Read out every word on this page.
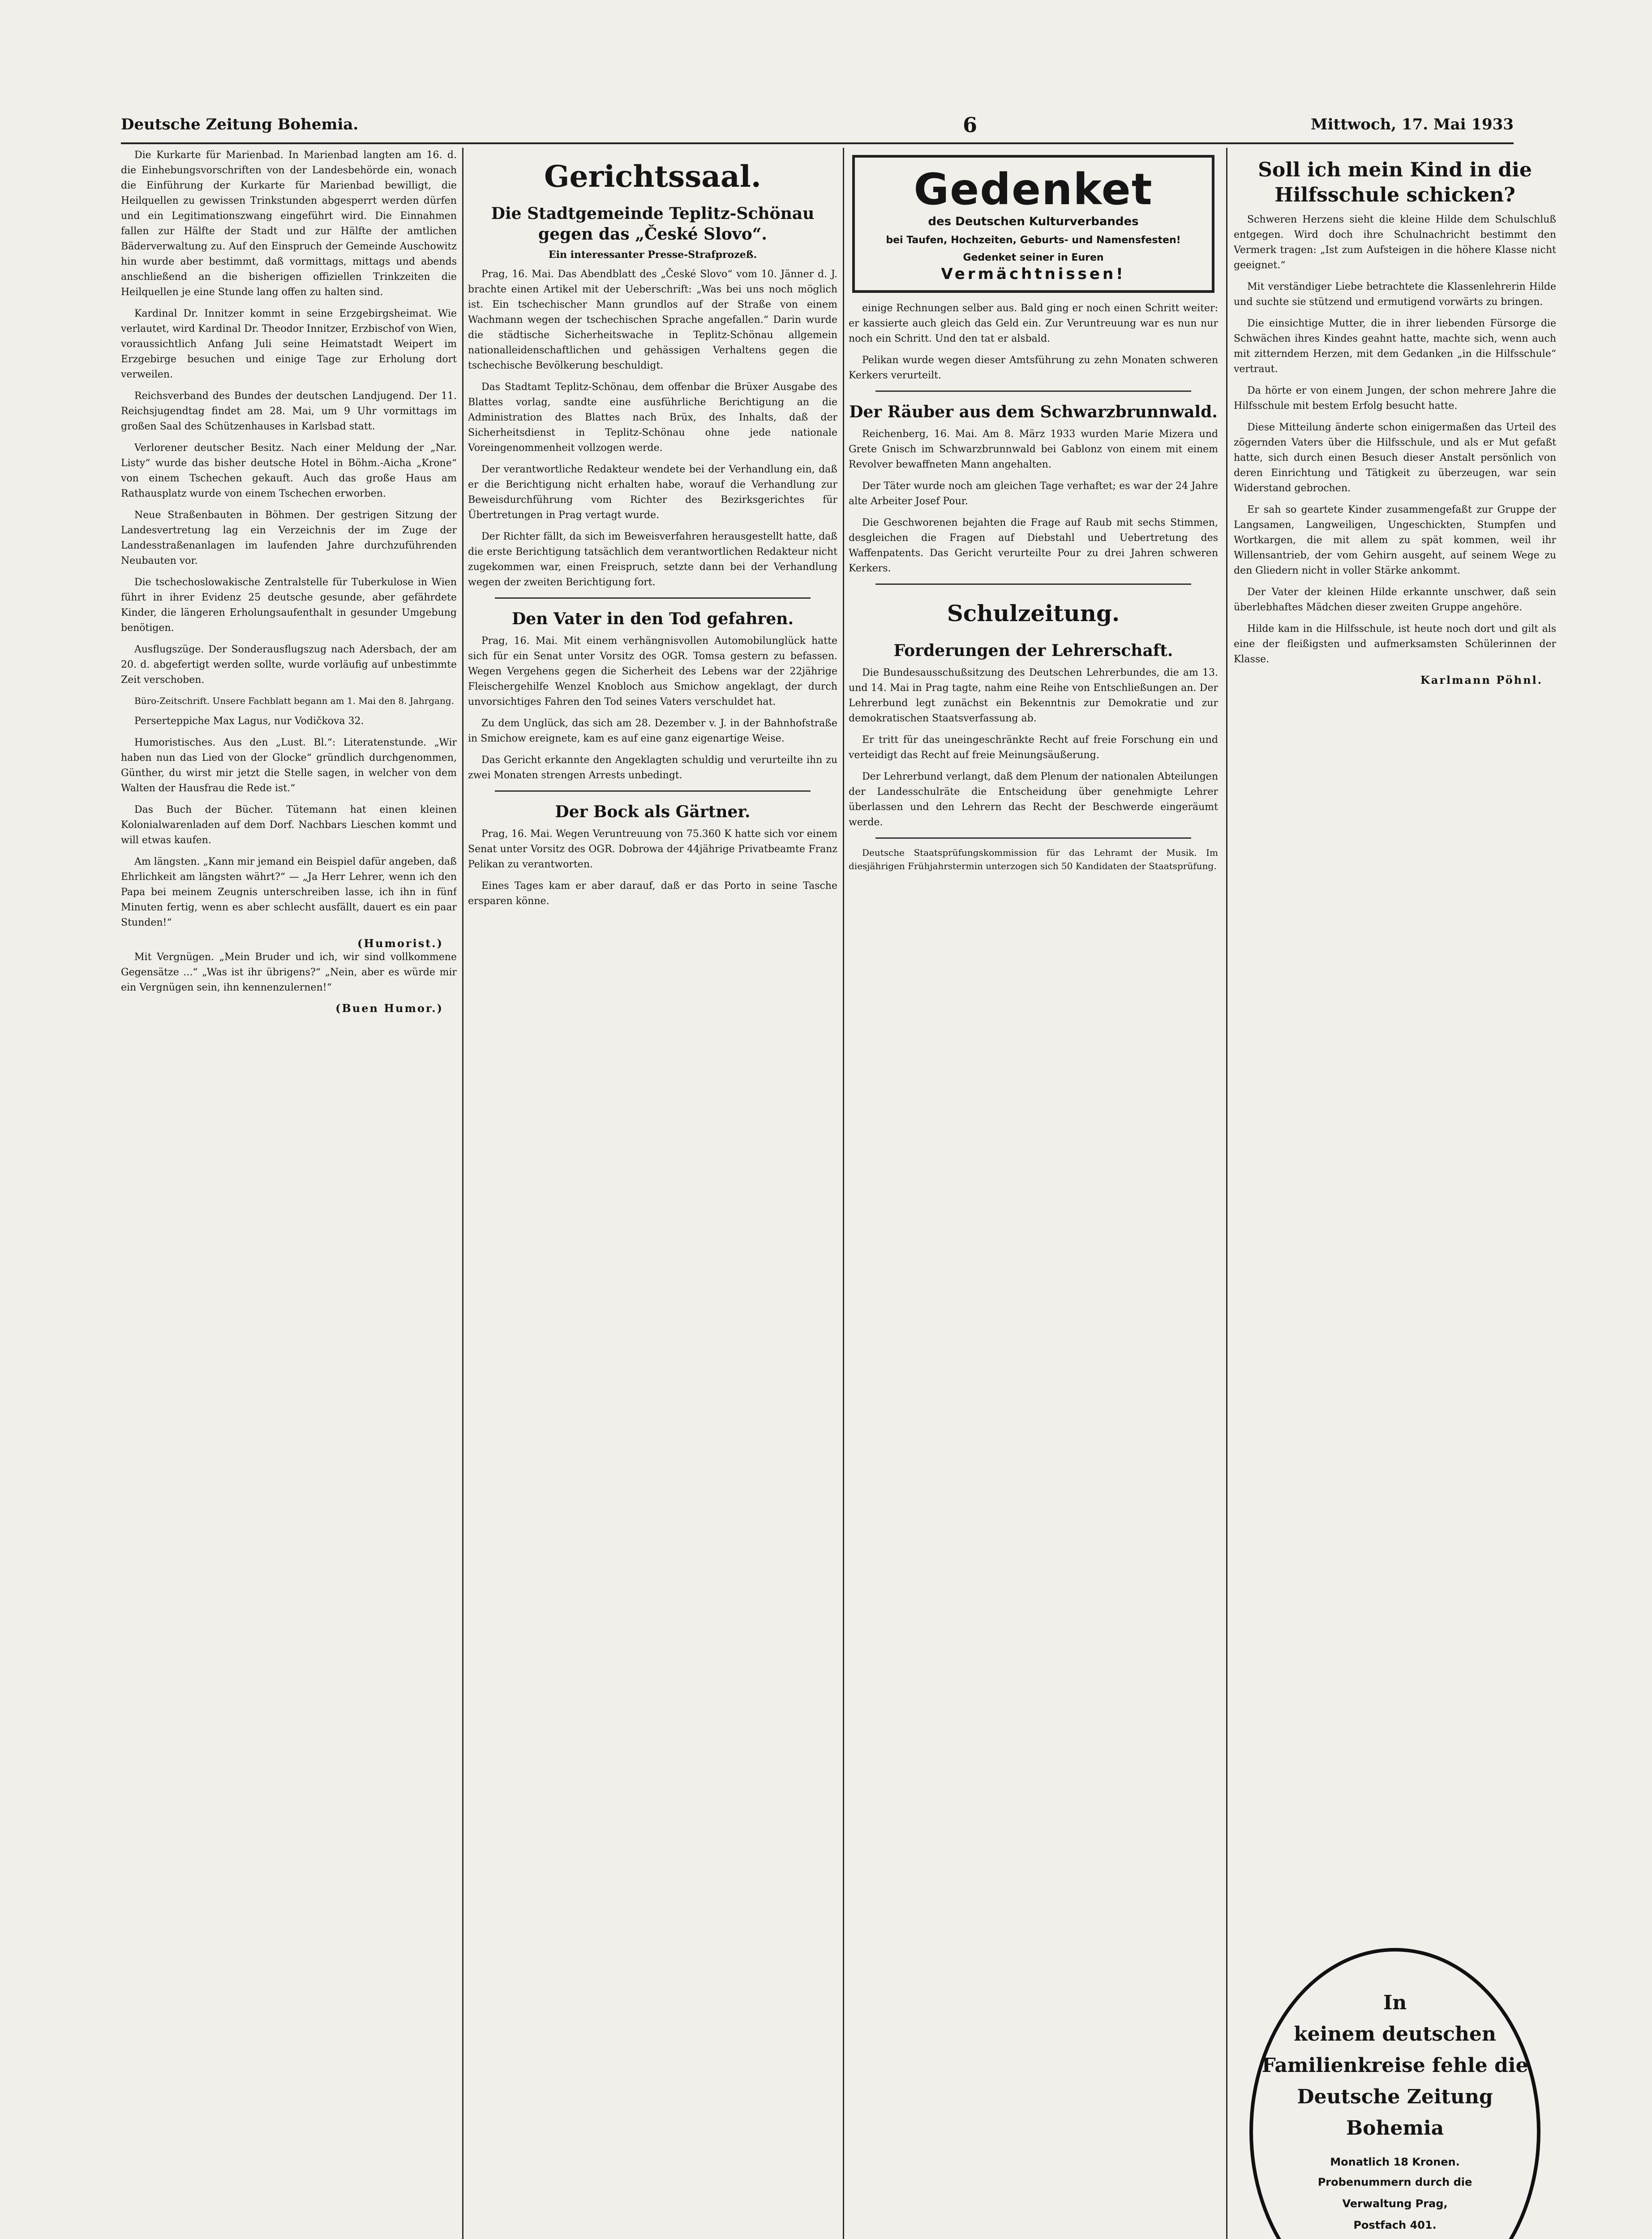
Deutsche Zeitung Bohemia.	6	Mittwoch, 17. Mai 1933

Die Kurkarte für Marienbad. In Marienbad langten am 16. d. die Einhebungsvorschriften von der Landesbehörde ein, wonach die Einführung der Kurkarte für Marienbad bewilligt, die Heilquellen zu gewissen Trinkstunden abgesperrt werden dürfen und ein Legitimationszwang eingeführt wird. Die Einnahmen fallen zur Hälfte der Stadt und zur Hälfte der amtlichen Bäderverwaltung zu. Auf den Einspruch der Gemeinde Auschowitz hin wurde aber bestimmt, daß vormittags, mittags und abends anschließend an die bisherigen offiziellen Trinkzeiten die Heilquellen je eine Stunde lang offen zu halten sind.

Kardinal Dr. Innitzer kommt in seine Erzgebirgsheimat. Wie verlautet, wird Kardinal Dr. Theodor Innitzer, Erzbischof von Wien, voraussichtlich Anfang Juli seine Heimatstadt Weipert im Erzgebirge besuchen und einige Tage zur Erholung dort verweilen.

Reichsverband des Bundes der deutschen Landjugend. Der 11. Reichsjugendtag findet am 28. Mai, um 9 Uhr vormittags im großen Saal des Schützenhauses in Karlsbad statt.

Verlorener deutscher Besitz. Nach einer Meldung der „Nar. Listy“ wurde das bisher deutsche Hotel in Böhm.-Aicha „Krone“ von einem Tschechen gekauft. Auch das große Haus am Rathausplatz wurde von einem Tschechen erworben.

Neue Straßenbauten in Böhmen. Der gestrigen Sitzung der Landesvertretung lag ein Verzeichnis der im Zuge der Landesstraßenanlagen im laufenden Jahre durchzuführenden Neubauten vor.

Die tschechoslowakische Zentralstelle für Tuberkulose in Wien führt in ihrer Evidenz 25 deutsche gesunde, aber gefährdete Kinder, die längeren Erholungsaufenthalt in gesunder Umgebung benötigen.

Ausflugszüge. Der Sonderausflugszug nach Adersbach, der am 20. d. abgefertigt werden sollte, wurde vorläufig auf unbestimmte Zeit verschoben.

Büro-Zeitschrift. Unsere Fachblatt begann am 1. Mai den 8. Jahrgang.

Perserteppiche Max Lagus, nur Vodičkova 32.

Humoristisches. Aus den „Lust. Bl.“: Literatenstunde. „Wir haben nun das Lied von der Glocke“ gründlich durchgenommen, Günther, du wirst mir jetzt die Stelle sagen, in welcher von dem Walten der Hausfrau die Rede ist.“

Das Buch der Bücher. Tütemann hat einen kleinen Kolonialwarenladen auf dem Dorf. Nachbars Lieschen kommt und will etwas kaufen.

Am längsten. „Kann mir jemand ein Beispiel dafür angeben, daß Ehrlichkeit am längsten währt?“ — „Ja Herr Lehrer, wenn ich den Papa bei meinem Zeugnis unterschreiben lasse, ich ihn in fünf Minuten fertig, wenn es aber schlecht ausfällt, dauert es ein paar Stunden!“

(Humorist.)

Mit Vergnügen. „Mein Bruder und ich, wir sind vollkommene Gegensätze ...“ „Was ist ihr übrigens?“ „Nein, aber es würde mir ein Vergnügen sein, ihn kennenzulernen!“

(Buen Humor.)

Gerichtssaal.
Die Stadtgemeinde Teplitz-Schönau gegen das „České Slovo“.
Ein interessanter Presse-Strafprozeß.

Prag, 16. Mai. Das Abendblatt des „České Slovo“ vom 10. Jänner d. J. brachte einen Artikel mit der Ueberschrift: „Was bei uns noch möglich ist. Ein tschechischer Mann grundlos auf der Straße von einem Wachmann wegen der tschechischen Sprache angefallen.“ Darin wurde die städtische Sicherheitswache in Teplitz-Schönau allgemein nationalleidenschaftlichen und gehässigen Verhaltens gegen die tschechische Bevölkerung beschuldigt.

Das Stadtamt Teplitz-Schönau, dem offenbar die Brüxer Ausgabe des Blattes vorlag, sandte eine ausführliche Berichtigung an die Administration des Blattes nach Brüx, des Inhalts, daß der Sicherheitsdienst in Teplitz-Schönau ohne jede nationale Voreingenommenheit vollzogen werde.

Der verantwortliche Redakteur wendete bei der Verhandlung ein, daß er die Berichtigung nicht erhalten habe, worauf die Verhandlung zur Beweisdurchführung vom Richter des Bezirksgerichtes für Übertretungen in Prag vertagt wurde.

Der Richter fällt, da sich im Beweisverfahren herausgestellt hatte, daß die erste Berichtigung tatsächlich dem verantwortlichen Redakteur nicht zugekommen war, einen Freispruch, setzte dann bei der Verhandlung wegen der zweiten Berichtigung fort.

Den Vater in den Tod gefahren.

Prag, 16. Mai. Mit einem verhängnisvollen Automobilunglück hatte sich für ein Senat unter Vorsitz des OGR. Tomsa gestern zu befassen. Wegen Vergehens gegen die Sicherheit des Lebens war der 22jährige Fleischergehilfe Wenzel Knobloch aus Smichow angeklagt, der durch unvorsichtiges Fahren den Tod seines Vaters verschuldet hat.

Zu dem Unglück, das sich am 28. Dezember v. J. in der Bahnhofstraße in Smichow ereignete, kam es auf eine ganz eigenartige Weise.

Das Gericht erkannte den Angeklagten schuldig und verurteilte ihn zu zwei Monaten strengen Arrests unbedingt.

Der Bock als Gärtner.

Prag, 16. Mai. Wegen Veruntreuung von 75.360 K hatte sich vor einem Senat unter Vorsitz des OGR. Dobrowa der 44jährige Privatbeamte Franz Pelikan zu verantworten.

Eines Tages kam er aber darauf, daß er das Porto in seine Tasche ersparen könne.

Gedenket
des Deutschen Kulturverbandes
bei Taufen, Hochzeiten, Geburts- und Namensfesten!
Gedenket seiner in Euren
Vermächtnissen!

einige Rechnungen selber aus. Bald ging er noch einen Schritt weiter: er kassierte auch gleich das Geld ein. Zur Veruntreuung war es nun nur noch ein Schritt. Und den tat er alsbald.

Pelikan wurde wegen dieser Amtsführung zu zehn Monaten schweren Kerkers verurteilt.

Der Räuber aus dem Schwarzbrunnwald.

Reichenberg, 16. Mai. Am 8. März 1933 wurden Marie Mizera und Grete Gnisch im Schwarzbrunnwald bei Gablonz von einem mit einem Revolver bewaffneten Mann angehalten.

Der Täter wurde noch am gleichen Tage verhaftet; es war der 24 Jahre alte Arbeiter Josef Pour.

Die Geschworenen bejahten die Frage auf Raub mit sechs Stimmen, desgleichen die Fragen auf Diebstahl und Uebertretung des Waffenpatents. Das Gericht verurteilte Pour zu drei Jahren schweren Kerkers.

Schulzeitung.
Forderungen der Lehrerschaft.

Die Bundesausschußsitzung des Deutschen Lehrerbundes, die am 13. und 14. Mai in Prag tagte, nahm eine Reihe von Entschließungen an. Der Lehrerbund legt zunächst ein Bekenntnis zur Demokratie und zur demokratischen Staatsverfassung ab.

Er tritt für das uneingeschränkte Recht auf freie Forschung ein und verteidigt das Recht auf freie Meinungsäußerung.

Der Lehrerbund verlangt, daß dem Plenum der nationalen Abteilungen der Landesschulräte die Entscheidung über genehmigte Lehrer überlassen und den Lehrern das Recht der Beschwerde eingeräumt werde.

Deutsche Staatsprüfungskommission für das Lehramt der Musik. Im diesjährigen Frühjahrstermin unterzogen sich 50 Kandidaten der Staatsprüfung.

Soll ich mein Kind in die Hilfsschule schicken?

Schweren Herzens sieht die kleine Hilde dem Schulschluß entgegen. Wird doch ihre Schulnachricht bestimmt den Vermerk tragen: „Ist zum Aufsteigen in die höhere Klasse nicht geeignet.“

Mit verständiger Liebe betrachtete die Klassenlehrerin Hilde und suchte sie stützend und ermutigend vorwärts zu bringen.

Die einsichtige Mutter, die in ihrer liebenden Fürsorge die Schwächen ihres Kindes geahnt hatte, machte sich, wenn auch mit zitterndem Herzen, mit dem Gedanken „in die Hilfsschule“ vertraut.

Da hörte er von einem Jungen, der schon mehrere Jahre die Hilfsschule mit bestem Erfolg besucht hatte.

Diese Mitteilung änderte schon einigermaßen das Urteil des zögernden Vaters über die Hilfsschule, und als er Mut gefaßt hatte, sich durch einen Besuch dieser Anstalt persönlich von deren Einrichtung und Tätigkeit zu überzeugen, war sein Widerstand gebrochen.

Er sah so geartete Kinder zusammengefaßt zur Gruppe der Langsamen, Langweiligen, Ungeschickten, Stumpfen und Wortkargen, die mit allem zu spät kommen, weil ihr Willensantrieb, der vom Gehirn ausgeht, auf seinem Wege zu den Gliedern nicht in voller Stärke ankommt.

Der Vater der kleinen Hilde erkannte unschwer, daß sein überlebhaftes Mädchen dieser zweiten Gruppe angehöre.

Hilde kam in die Hilfsschule, ist heute noch dort und gilt als eine der fleißigsten und aufmerksamsten Schülerinnen der Klasse.

Karlmann Pöhnl.

In
keinem deutschen
Familienkreise fehle die
Deutsche Zeitung Bohemia
Monatlich 18 Kronen.
Probenummern durch die
Verwaltung Prag,
Postfach 401.
